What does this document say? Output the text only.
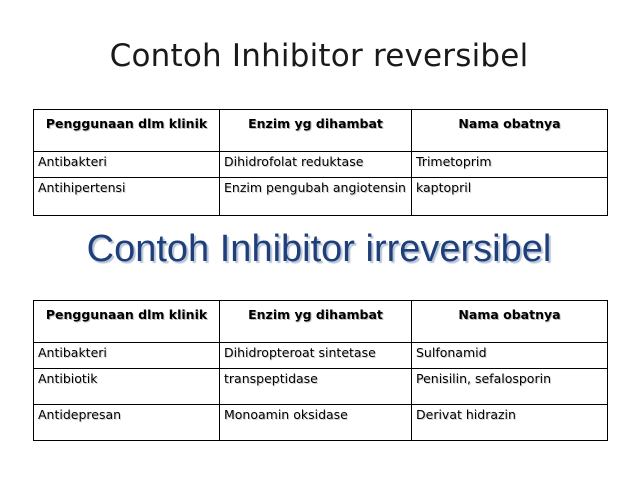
Contoh Inhibitor reversibel
Penggunaan dlm klinik	Enzim yg dihambat	Nama obatnya
Antibakteri	Dihidrofolat reduktase	Trimetoprim
Antihipertensi	Enzim pengubah angiotensin	kaptopril
Contoh Inhibitor irreversibel
Penggunaan dlm klinik	Enzim yg dihambat	Nama obatnya
Antibakteri	Dihidropteroat sintetase	Sulfonamid
Antibiotik	transpeptidase	Penisilin, sefalosporin
Antidepresan	Monoamin oksidase	Derivat hidrazin
